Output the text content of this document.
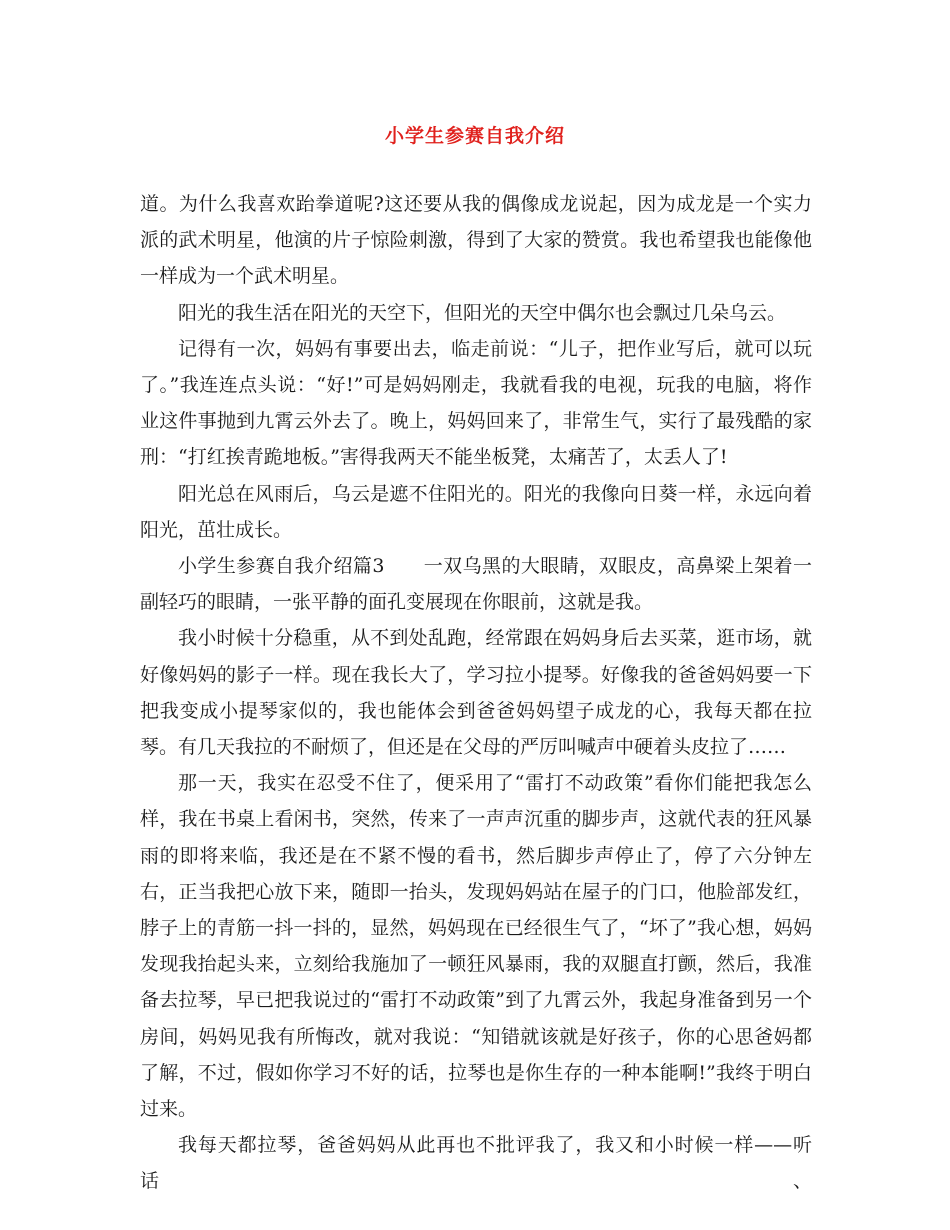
小学生参赛自我介绍

道。为什么我喜欢跆拳道呢?这还要从我的偶像成龙说起，因为成龙是一个实力派的武术明星，他演的片子惊险刺激，得到了大家的赞赏。我也希望我也能像他一样成为一个武术明星。

阳光的我生活在阳光的天空下，但阳光的天空中偶尔也会飘过几朵乌云。

记得有一次，妈妈有事要出去，临走前说：“儿子，把作业写后，就可以玩了。”我连连点头说：“好!”可是妈妈刚走，我就看我的电视，玩我的电脑，将作业这件事抛到九霄云外去了。晚上，妈妈回来了，非常生气，实行了最残酷的家刑：“打红挨青跪地板。”害得我两天不能坐板凳，太痛苦了，太丢人了!

阳光总在风雨后，乌云是遮不住阳光的。阳光的我像向日葵一样，永远向着阳光，茁壮成长。

小学生参赛自我介绍篇3　　一双乌黑的大眼睛，双眼皮，高鼻梁上架着一副轻巧的眼睛，一张平静的面孔变展现在你眼前，这就是我。

我小时候十分稳重，从不到处乱跑，经常跟在妈妈身后去买菜，逛市场，就好像妈妈的影子一样。现在我长大了，学习拉小提琴。好像我的爸爸妈妈要一下把我变成小提琴家似的，我也能体会到爸爸妈妈望子成龙的心，我每天都在拉琴。有几天我拉的不耐烦了，但还是在父母的严厉叫喊声中硬着头皮拉了……

那一天，我实在忍受不住了，便采用了“雷打不动政策”看你们能把我怎么样，我在书桌上看闲书，突然，传来了一声声沉重的脚步声，这就代表的狂风暴雨的即将来临，我还是在不紧不慢的看书，然后脚步声停止了，停了六分钟左右，正当我把心放下来，随即一抬头，发现妈妈站在屋子的门口，他脸部发红，脖子上的青筋一抖一抖的，显然，妈妈现在已经很生气了，“坏了”我心想，妈妈发现我抬起头来，立刻给我施加了一顿狂风暴雨，我的双腿直打颤，然后，我准备去拉琴，早已把我说过的“雷打不动政策”到了九霄云外，我起身准备到另一个房间，妈妈见我有所悔改，就对我说：“知错就该就是好孩子，你的心思爸妈都了解，不过，假如你学习不好的话，拉琴也是你生存的一种本能啊!”我终于明白过来。

我每天都拉琴，爸爸妈妈从此再也不批评我了，我又和小时候一样——听话、
